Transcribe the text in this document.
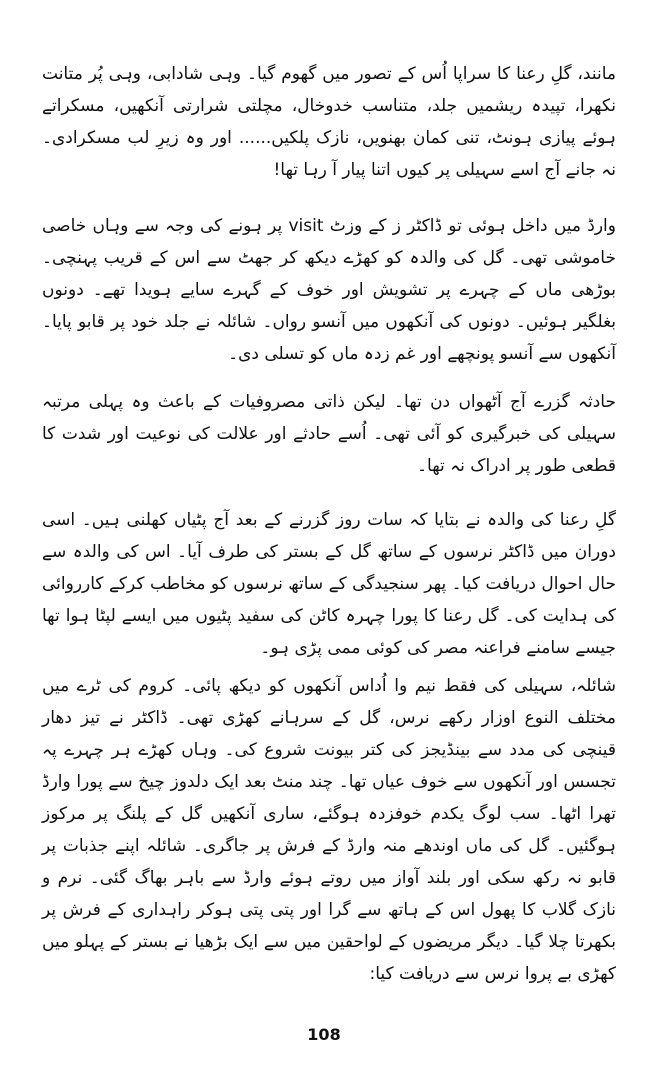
مانند، گلِ رعنا کا سراپا اُس کے تصور میں گھوم گیا۔ وہی شادابی، وہی پُر متانت نکھرا، تپیدہ ریشمیں جلد، متناسب خدوخال، مچلتی شرارتی آنکھیں، مسکراتے ہوئے پیازی ہونٹ، تنی کمان بھنویں، نازک پلکیں...... اور وہ زیرِ لب مسکرادی۔ نہ جانے آج اسے سہیلی پر کیوں اتنا پیار آ رہا تھا!

وارڈ میں داخل ہوئی تو ڈاکٹر ز کے وزٹ visit پر ہونے کی وجہ سے وہاں خاصی خاموشی تھی۔ گل کی والدہ کو کھڑے دیکھ کر جھٹ سے اس کے قریب پہنچی۔ بوڑھی ماں کے چہرے پر تشویش اور خوف کے گہرے سایے ہویدا تھے۔ دونوں بغلگیر ہوئیں۔ دونوں کی آنکھوں میں آنسو رواں۔ شائلہ نے جلد خود پر قابو پایا۔ آنکھوں سے آنسو پونچھے اور غم زدہ ماں کو تسلی دی۔

حادثہ گزرے آج آٹھواں دن تھا۔ لیکن ذاتی مصروفیات کے باعث وہ پہلی مرتبہ سہیلی کی خبرگیری کو آئی تھی۔ اُسے حادثے اور علالت کی نوعیت اور شدت کا قطعی طور پر ادراک نہ تھا۔

گلِ رعنا کی والدہ نے بتایا کہ سات روز گزرنے کے بعد آج پٹیاں کھلنی ہیں۔ اسی دوران میں ڈاکٹر نرسوں کے ساتھ گل کے بستر کی طرف آیا۔ اس کی والدہ سے حال احوال دریافت کیا۔ پھر سنجیدگی کے ساتھ نرسوں کو مخاطب کرکے کارروائی کی ہدایت کی۔ گل رعنا کا پورا چہرہ کاٹن کی سفید پٹیوں میں ایسے لپٹا ہوا تھا جیسے سامنے فراعنہ مصر کی کوئی ممی پڑی ہو۔

شائلہ، سہیلی کی فقط نیم وا اُداس آنکھوں کو دیکھ پائی۔ کروم کی ٹرے میں مختلف النوع اوزار رکھے نرس، گل کے سرہانے کھڑی تھی۔ ڈاکٹر نے تیز دھار قینچی کی مدد سے بینڈیجز کی کتر بیونت شروع کی۔ وہاں کھڑے ہر چہرے پہ تجسس اور آنکھوں سے خوف عیاں تھا۔ چند منٹ بعد ایک دلدوز چیخ سے پورا وارڈ تھرا اٹھا۔ سب لوگ یکدم خوفزدہ ہوگئے، ساری آنکھیں گل کے پلنگ پر مرکوز ہوگئیں۔ گل کی ماں اوندھے منہ وارڈ کے فرش پر جاگری۔ شائلہ اپنے جذبات پر قابو نہ رکھ سکی اور بلند آواز میں روتے ہوئے وارڈ سے باہر بھاگ گئی۔ نرم و نازک گلاب کا پھول اس کے ہاتھ سے گرا اور پتی پتی ہوکر راہداری کے فرش پر بکھرتا چلا گیا۔ دیگر مریضوں کے لواحقین میں سے ایک بڑھیا نے بستر کے پہلو میں کھڑی بے پروا نرس سے دریافت کیا:

108
